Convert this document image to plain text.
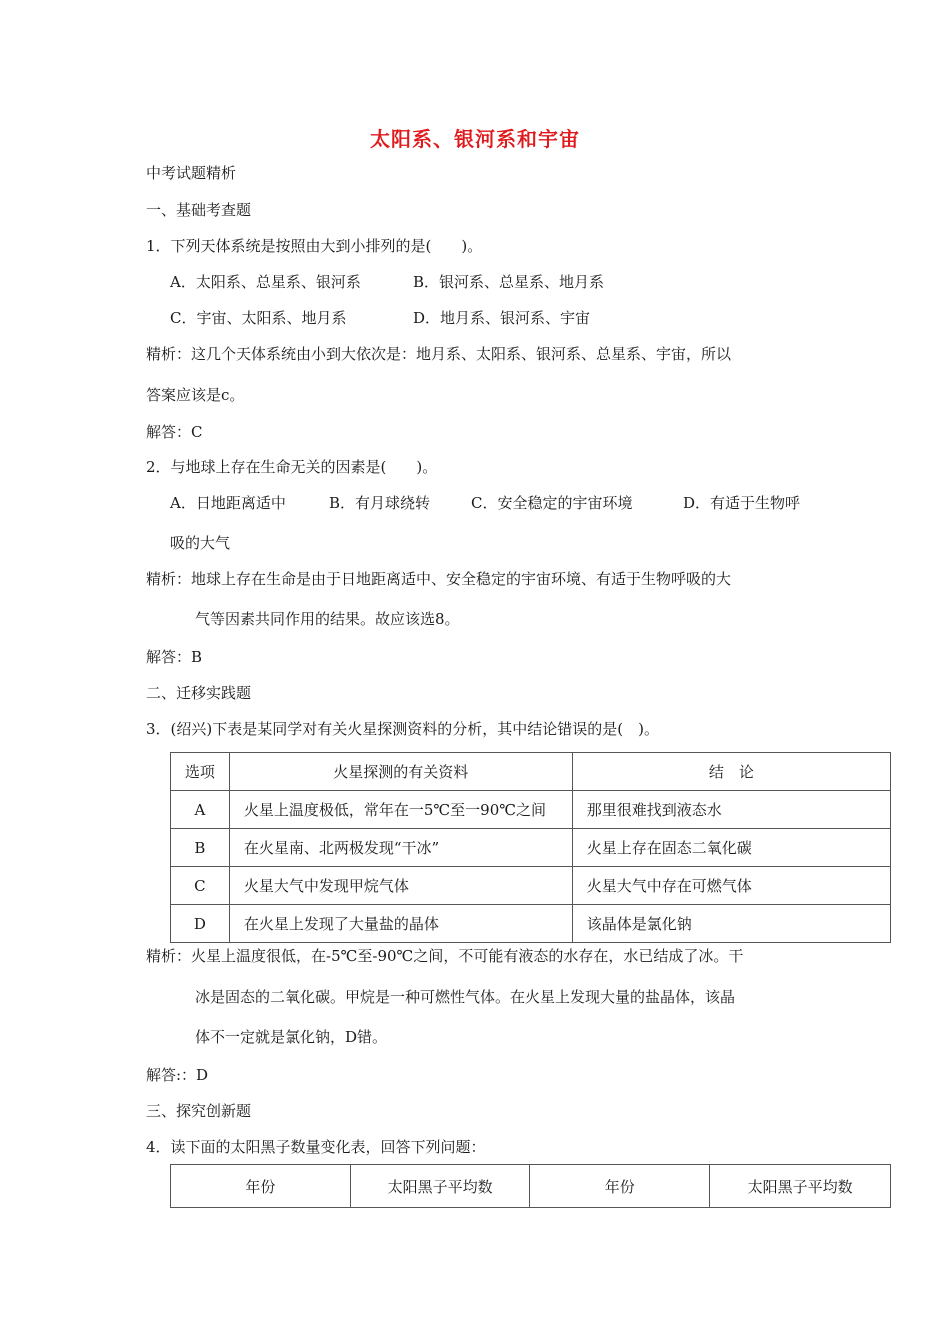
太阳系、银河系和宇宙
中考试题精析
一、基础考查题
1．下列天体系统是按照由大到小排列的是(　　)。
A．太阳系、总星系、银河系	B．银河系、总星系、地月系
C．宇宙、太阳系、地月系	D．地月系、银河系、宇宙
精析：这几个天体系统由小到大依次是：地月系、太阳系、银河系、总星系、宇宙，所以
答案应该是c。
解答：C
2．与地球上存在生命无关的因素是(　　)。
A．日地距离适中	B．有月球绕转	C．安全稳定的宇宙环境	D．有适于生物呼
吸的大气
精析：地球上存在生命是由于日地距离适中、安全稳定的宇宙环境、有适于生物呼吸的大
气等因素共同作用的结果。故应该选8。
解答：B
二、迁移实践题
3．(绍兴)下表是某同学对有关火星探测资料的分析，其中结论错误的是(　)。
选项	火星探测的有关资料	结　论
A	火星上温度极低，常年在一5℃至一90℃之间	那里很难找到液态水
B	在火星南、北两极发现“干冰”	火星上存在固态二氧化碳
C	火星大气中发现甲烷气体	火星大气中存在可燃气体
D	在火星上发现了大量盐的晶体	该晶体是氯化钠
精析：火星上温度很低，在-5℃至-90℃之间，不可能有液态的水存在，水已结成了冰。干
冰是固态的二氧化碳。甲烷是一种可燃性气体。在火星上发现大量的盐晶体，该晶
体不一定就是氯化钠，D错。
解答:：D
三、探究创新题
4．读下面的太阳黑子数量变化表，回答下列问题：
年份	太阳黑子平均数	年份	太阳黑子平均数
